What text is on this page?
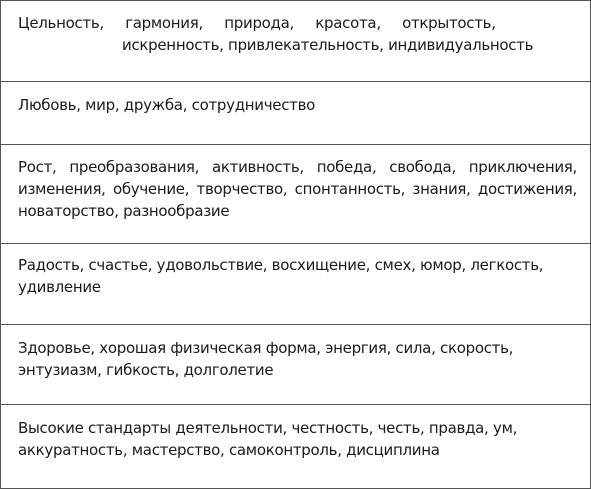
Цельность, гармония, природа, красота, открытость,
искренность, привлекательность, индивидуальность

Любовь, мир, дружба, сотрудничество
Рост, преобразования, активность, победа, свобода, приключения, изменения, обучение, творчество, спонтанность, знания, достижения, новаторство, разнообразие
Радость, счастье, удовольствие, восхищение, смех, юмор, легкость, удивление
Здоровье, хорошая физическая форма, энергия, сила, скорость, энтузиазм, гибкость, долголетие
Высокие стандарты деятельности, честность, честь, правда, ум, аккуратность, мастерство, самоконтроль, дисциплина
